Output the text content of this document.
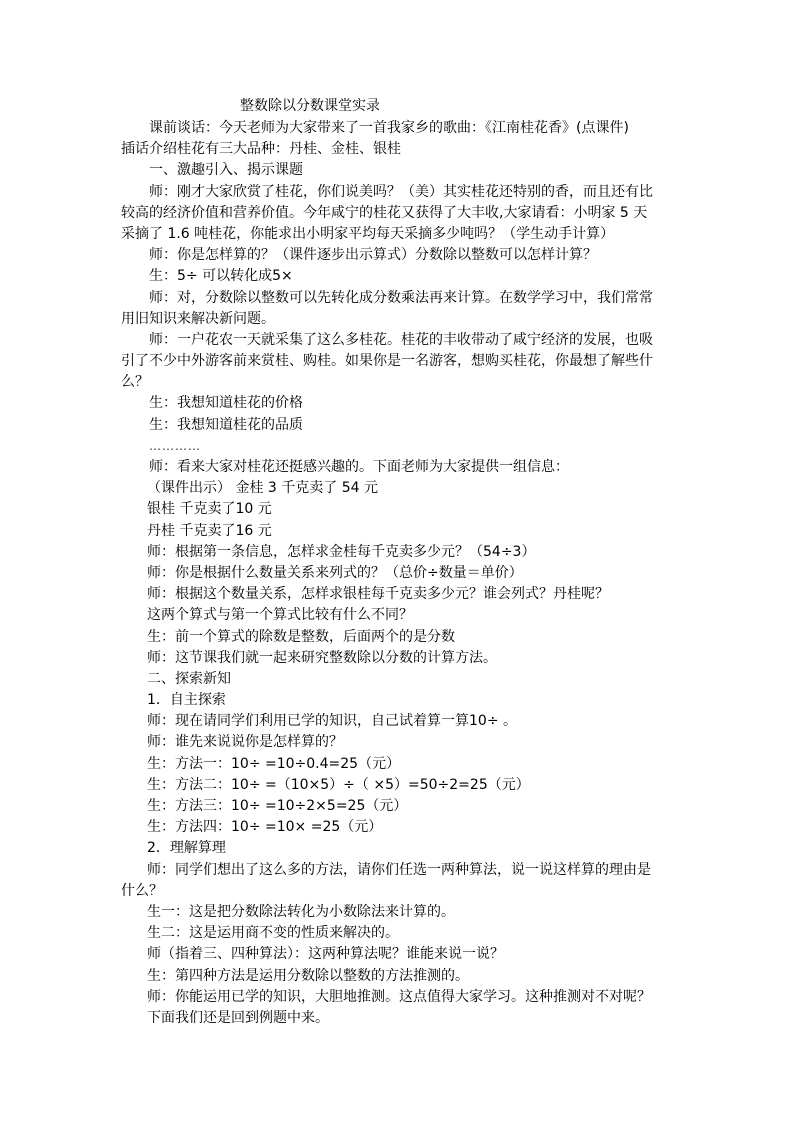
整数除以分数课堂实录
课前谈话：今天老师为大家带来了一首我家乡的歌曲：《江南桂花香》(点课件)
插话介绍桂花有三大品种：丹桂、金桂、银桂
一、激趣引入、揭示课题
师：刚才大家欣赏了桂花，你们说美吗？（美）其实桂花还特别的香，而且还有比
较高的经济价值和营养价值。今年咸宁的桂花又获得了大丰收,大家请看：小明家 5 天
采摘了 1.6 吨桂花，你能求出小明家平均每天采摘多少吨吗？（学生动手计算）
师：你是怎样算的？（课件逐步出示算式）分数除以整数可以怎样计算？
生：5÷ 可以转化成5×
师：对，分数除以整数可以先转化成分数乘法再来计算。在数学学习中，我们常常
用旧知识来解决新问题。
师：一户花农一天就采集了这么多桂花。桂花的丰收带动了咸宁经济的发展，也吸
引了不少中外游客前来赏桂、购桂。如果你是一名游客，想购买桂花，你最想了解些什
么？
生：我想知道桂花的价格
生：我想知道桂花的品质
…………
师：看来大家对桂花还挺感兴趣的。下面老师为大家提供一组信息：
（课件出示） 金桂 3 千克卖了 54 元
银桂 千克卖了10 元
丹桂 千克卖了16 元
师：根据第一条信息，怎样求金桂每千克卖多少元？（54÷3）
师：你是根据什么数量关系来列式的？（总价÷数量＝单价）
师：根据这个数量关系，怎样求银桂每千克卖多少元？谁会列式？丹桂呢？
这两个算式与第一个算式比较有什么不同？
生：前一个算式的除数是整数，后面两个的是分数
师：这节课我们就一起来研究整数除以分数的计算方法。
二、探索新知
1．自主探索
师：现在请同学们利用已学的知识，自己试着算一算10÷ 。
师：谁先来说说你是怎样算的？
生：方法一：10÷ =10÷0.4=25（元）
生：方法二：10÷ =（10×5）÷（ ×5）=50÷2=25（元）
生：方法三：10÷ =10÷2×5=25（元）
生：方法四：10÷ =10× =25（元）
2．理解算理
师：同学们想出了这么多的方法，请你们任选一两种算法，说一说这样算的理由是
什么？
生一：这是把分数除法转化为小数除法来计算的。
生二：这是运用商不变的性质来解决的。
师（指着三、四种算法）：这两种算法呢？谁能来说一说？
生：第四种方法是运用分数除以整数的方法推测的。
师：你能运用已学的知识，大胆地推测。这点值得大家学习。这种推测对不对呢？
下面我们还是回到例题中来。
